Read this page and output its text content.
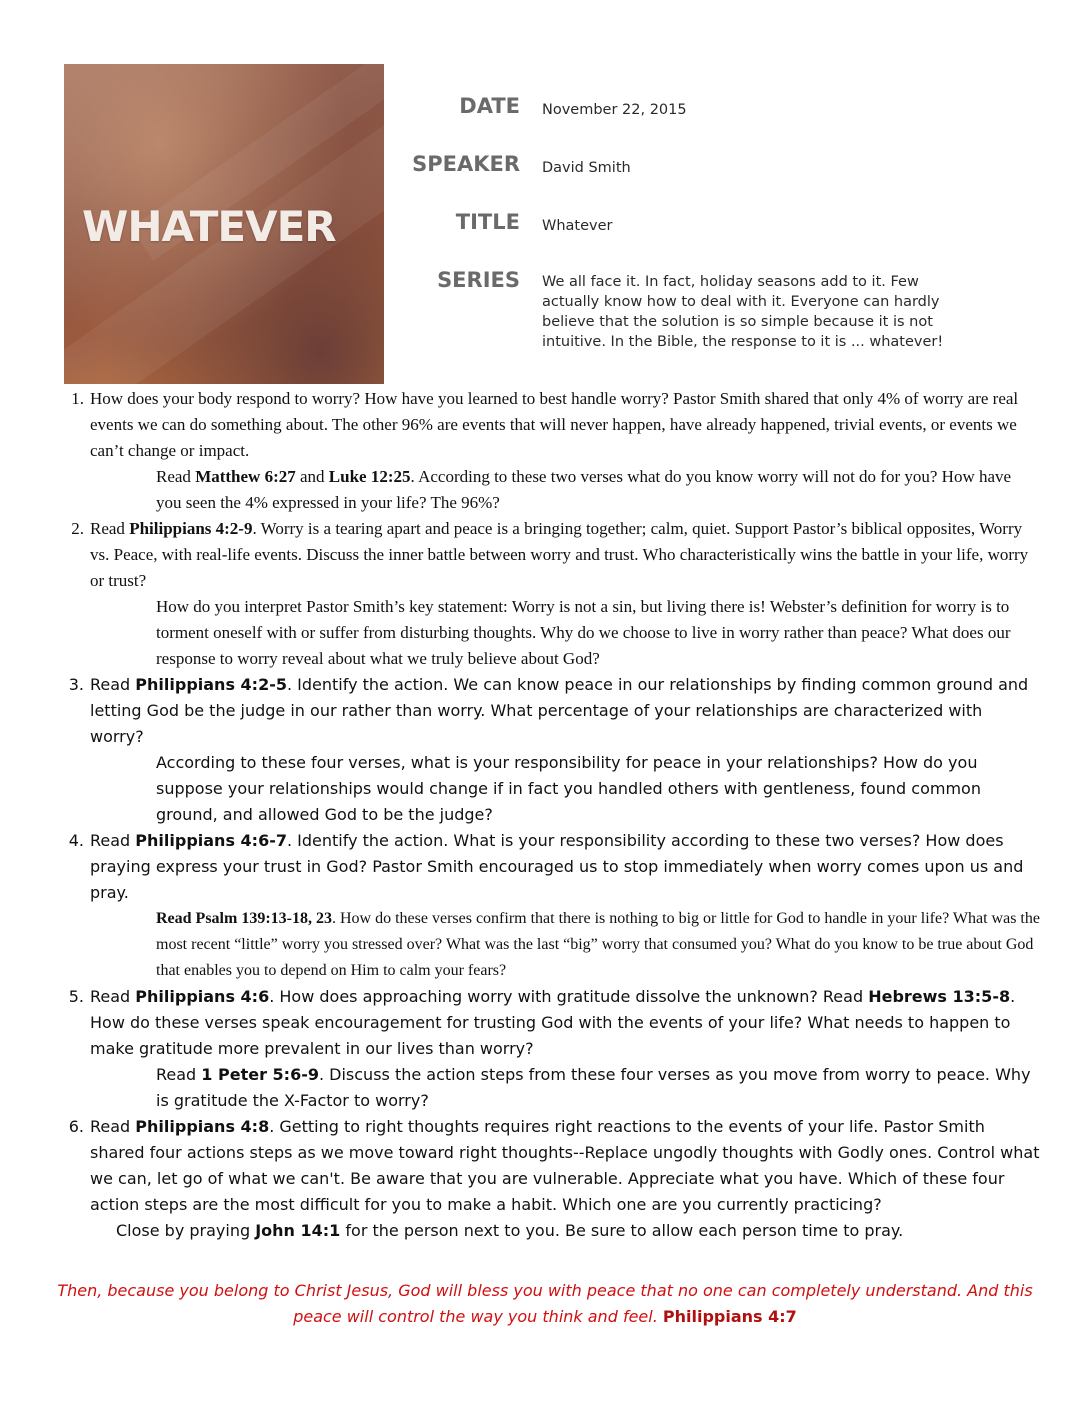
WHATEVER
DATE November 22, 2015
SPEAKER David Smith
TITLE Whatever
SERIES We all face it. In fact, holiday seasons add to it. Few actually know how to deal with it. Everyone can hardly believe that the solution is so simple because it is not intuitive. In the Bible, the response to it is ... whatever!
1. How does your body respond to worry? How have you learned to best handle worry? Pastor Smith shared that only 4% of worry are real events we can do something about. The other 96% are events that will never happen, have already happened, trivial events, or events we can’t change or impact.
Read Matthew 6:27 and Luke 12:25. According to these two verses what do you know worry will not do for you? How have you seen the 4% expressed in your life? The 96%?
2. Read Philippians 4:2-9. Worry is a tearing apart and peace is a bringing together; calm, quiet. Support Pastor’s biblical opposites, Worry vs. Peace, with real-life events. Discuss the inner battle between worry and trust. Who characteristically wins the battle in your life, worry or trust?
How do you interpret Pastor Smith’s key statement: Worry is not a sin, but living there is! Webster’s definition for worry is to torment oneself with or suffer from disturbing thoughts. Why do we choose to live in worry rather than peace? What does our response to worry reveal about what we truly believe about God?
3. Read Philippians 4:2-5. Identify the action. We can know peace in our relationships by finding common ground and letting God be the judge in our rather than worry. What percentage of your relationships are characterized with worry?
According to these four verses, what is your responsibility for peace in your relationships? How do you suppose your relationships would change if in fact you handled others with gentleness, found common ground, and allowed God to be the judge?
4. Read Philippians 4:6-7. Identify the action. What is your responsibility according to these two verses? How does praying express your trust in God? Pastor Smith encouraged us to stop immediately when worry comes upon us and pray.
Read Psalm 139:13-18, 23. How do these verses confirm that there is nothing to big or little for God to handle in your life? What was the most recent “little” worry you stressed over? What was the last “big” worry that consumed you? What do you know to be true about God that enables you to depend on Him to calm your fears?
5. Read Philippians 4:6. How does approaching worry with gratitude dissolve the unknown? Read Hebrews 13:5-8. How do these verses speak encouragement for trusting God with the events of your life? What needs to happen to make gratitude more prevalent in our lives than worry?
Read 1 Peter 5:6-9. Discuss the action steps from these four verses as you move from worry to peace. Why is gratitude the X-Factor to worry?
6. Read Philippians 4:8. Getting to right thoughts requires right reactions to the events of your life. Pastor Smith shared four actions steps as we move toward right thoughts--Replace ungodly thoughts with Godly ones. Control what we can, let go of what we can't. Be aware that you are vulnerable. Appreciate what you have. Which of these four action steps are the most difficult for you to make a habit. Which one are you currently practicing?
Close by praying John 14:1 for the person next to you. Be sure to allow each person time to pray.
Then, because you belong to Christ Jesus, God will bless you with peace that no one can completely understand. And this peace will control the way you think and feel. Philippians 4:7
